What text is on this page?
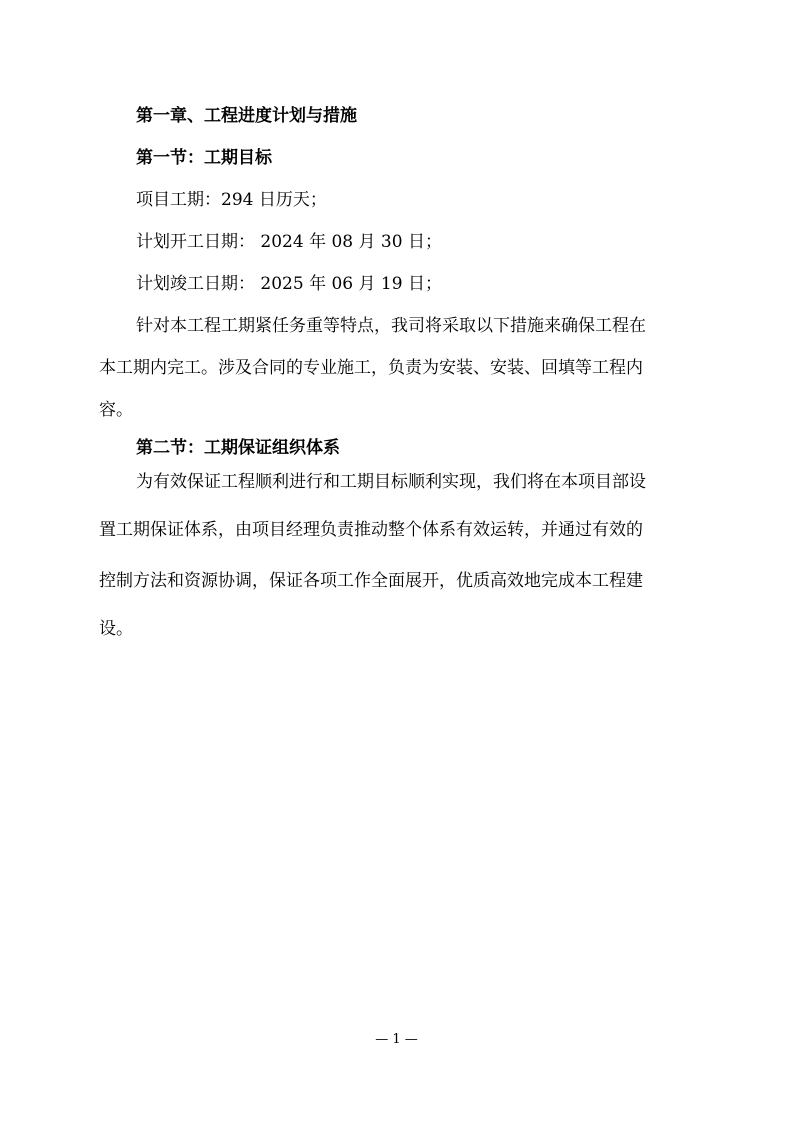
第一章、工程进度计划与措施
第一节：工期目标
项目工期：294 日历天；
计划开工日期： 2024 年 08 月 30 日；
计划竣工日期： 2025 年 06 月 19 日；
针对本工程工期紧任务重等特点，我司将采取以下措施来确保工程在
本工期内完工。涉及合同的专业施工，负责为安装、安装、回填等工程内
容。
第二节：工期保证组织体系
为有效保证工程顺利进行和工期目标顺利实现，我们将在本项目部设
置工期保证体系，由项目经理负责推动整个体系有效运转，并通过有效的
控制方法和资源协调，保证各项工作全面展开，优质高效地完成本工程建
设。
— 1 —
